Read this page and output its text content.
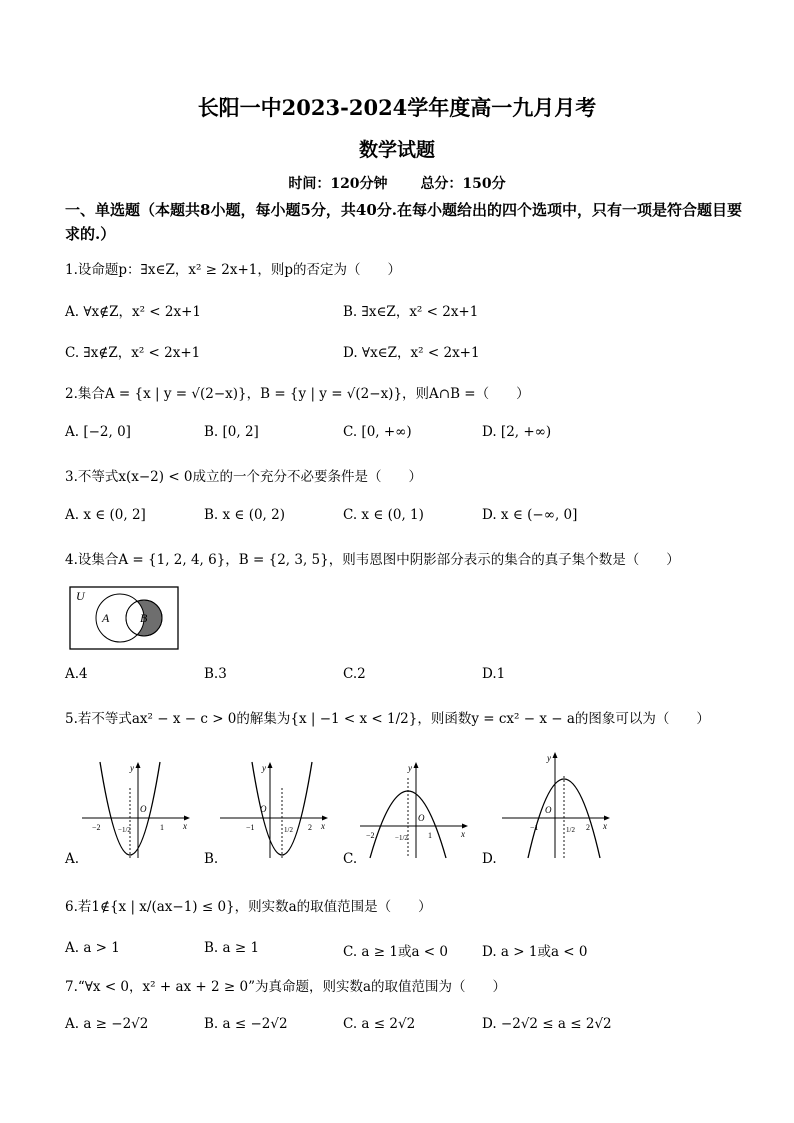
长阳一中2023-2024学年度高一九月月考
数学试题
时间：120分钟 总分：150分
一、单选题（本题共8小题，每小题5分，共40分.在每小题给出的四个选项中，只有一项是符合题目要求的.）
1.设命题p：∃x∈Z，x² ≥ 2x+1，则p的否定为（　　）
A. ∀x∉Z，x² < 2x+1	B. ∃x∈Z，x² < 2x+1
C. ∃x∉Z，x² < 2x+1	D. ∀x∈Z，x² < 2x+1
2.集合A = {x | y = √(2−x)}，B = {y | y = √(2−x)}，则A∩B =（　　）
A. [−2, 0]	B. [0, 2]	C. [0, +∞)	D. [2, +∞)
3.不等式x(x−2) < 0成立的一个充分不必要条件是（　　）
A. x ∈ (0, 2]	B. x ∈ (0, 2)	C. x ∈ (0, 1)	D. x ∈ (−∞, 0]
4.设集合A = {1, 2, 4, 6}，B = {2, 3, 5}，则韦恩图中阴影部分表示的集合的真子集个数是（　　）
U
A	B
A.4	B.3	C.2	D.1
5.若不等式ax² − x − c > 0的解集为{x | −1 < x < 1/2}，则函数y = cx² − x − a的图象可以为（　　）
y
x
O
−2 −1/2	1
A.
y
x
O
−1	1/2 2
B.
y
x
O
−2	−1/2	1
C.
y
x
O
−1	1/2 2
D.
6.若1∉{x | x/(ax−1) ≤ 0}，则实数a的取值范围是（　　）
A. a > 1	B. a ≥ 1	C. a ≥ 1或a < 0	D. a > 1或a < 0
7.“∀x < 0，x² + ax + 2 ≥ 0”为真命题，则实数a的取值范围为（　　）
A. a ≥ −2√2	B. a ≤ −2√2	C. a ≤ 2√2	D. −2√2 ≤ a ≤ 2√2
